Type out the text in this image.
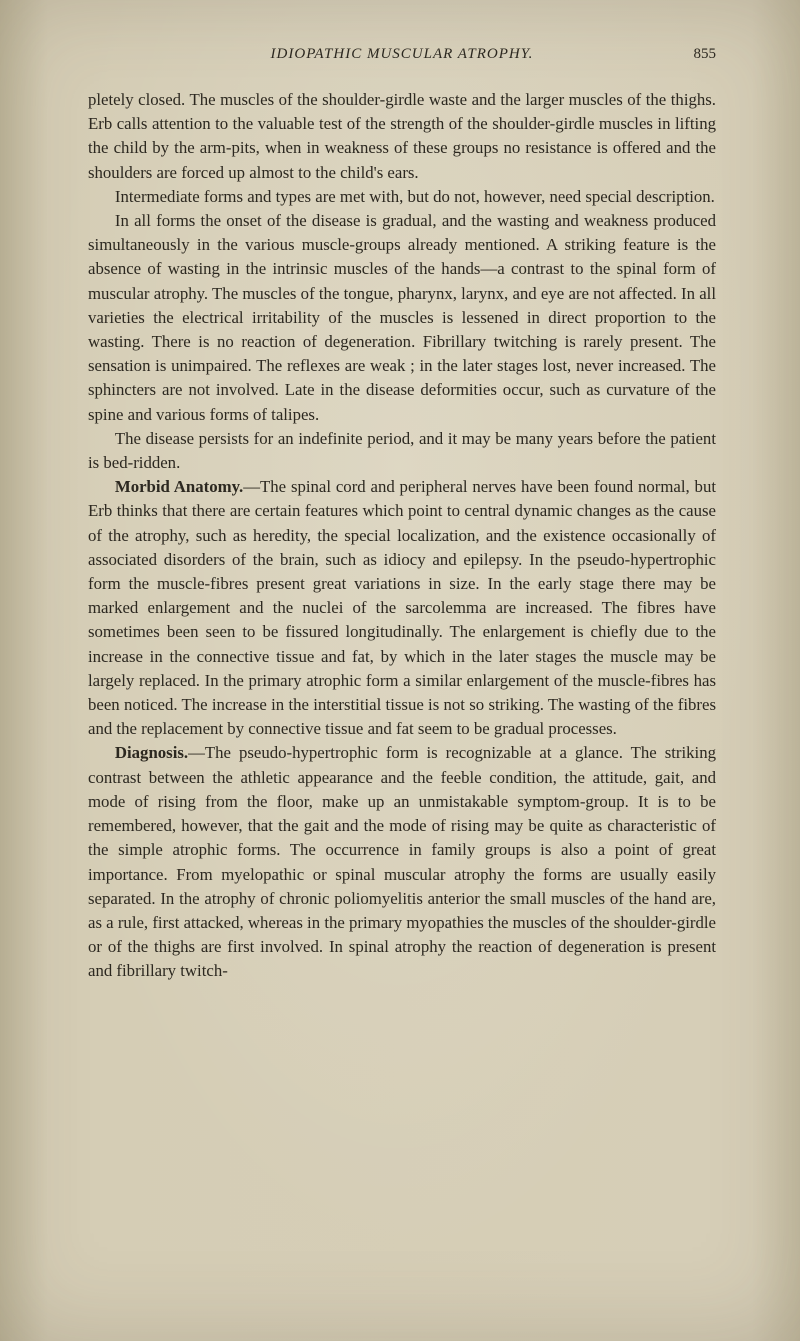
IDIOPATHIC MUSCULAR ATROPHY.	855

pletely closed. The muscles of the shoulder-girdle waste and the larger muscles of the thighs. Erb calls attention to the valuable test of the strength of the shoulder-girdle muscles in lifting the child by the arm-pits, when in weakness of these groups no resistance is offered and the shoulders are forced up almost to the child's ears.

Intermediate forms and types are met with, but do not, however, need special description.

In all forms the onset of the disease is gradual, and the wasting and weakness produced simultaneously in the various muscle-groups already mentioned. A striking feature is the absence of wasting in the intrinsic muscles of the hands—a contrast to the spinal form of muscular atrophy. The muscles of the tongue, pharynx, larynx, and eye are not affected. In all varieties the electrical irritability of the muscles is lessened in direct proportion to the wasting. There is no reaction of degeneration. Fibrillary twitching is rarely present. The sensation is unimpaired. The reflexes are weak ; in the later stages lost, never increased. The sphincters are not involved. Late in the disease deformities occur, such as curvature of the spine and various forms of talipes.

The disease persists for an indefinite period, and it may be many years before the patient is bed-ridden.

Morbid Anatomy.—The spinal cord and peripheral nerves have been found normal, but Erb thinks that there are certain features which point to central dynamic changes as the cause of the atrophy, such as heredity, the special localization, and the existence occasionally of associated disorders of the brain, such as idiocy and epilepsy. In the pseudo-hypertrophic form the muscle-fibres present great variations in size. In the early stage there may be marked enlargement and the nuclei of the sarcolemma are increased. The fibres have sometimes been seen to be fissured longitudinally. The enlargement is chiefly due to the increase in the connective tissue and fat, by which in the later stages the muscle may be largely replaced. In the primary atrophic form a similar enlargement of the muscle-fibres has been noticed. The increase in the interstitial tissue is not so striking. The wasting of the fibres and the replacement by connective tissue and fat seem to be gradual processes.

Diagnosis.—The pseudo-hypertrophic form is recognizable at a glance. The striking contrast between the athletic appearance and the feeble condition, the attitude, gait, and mode of rising from the floor, make up an unmistakable symptom-group. It is to be remembered, however, that the gait and the mode of rising may be quite as characteristic of the simple atrophic forms. The occurrence in family groups is also a point of great importance. From myelopathic or spinal muscular atrophy the forms are usually easily separated. In the atrophy of chronic poliomyelitis anterior the small muscles of the hand are, as a rule, first attacked, whereas in the primary myopathies the muscles of the shoulder-girdle or of the thighs are first involved. In spinal atrophy the reaction of degeneration is present and fibrillary twitch-
